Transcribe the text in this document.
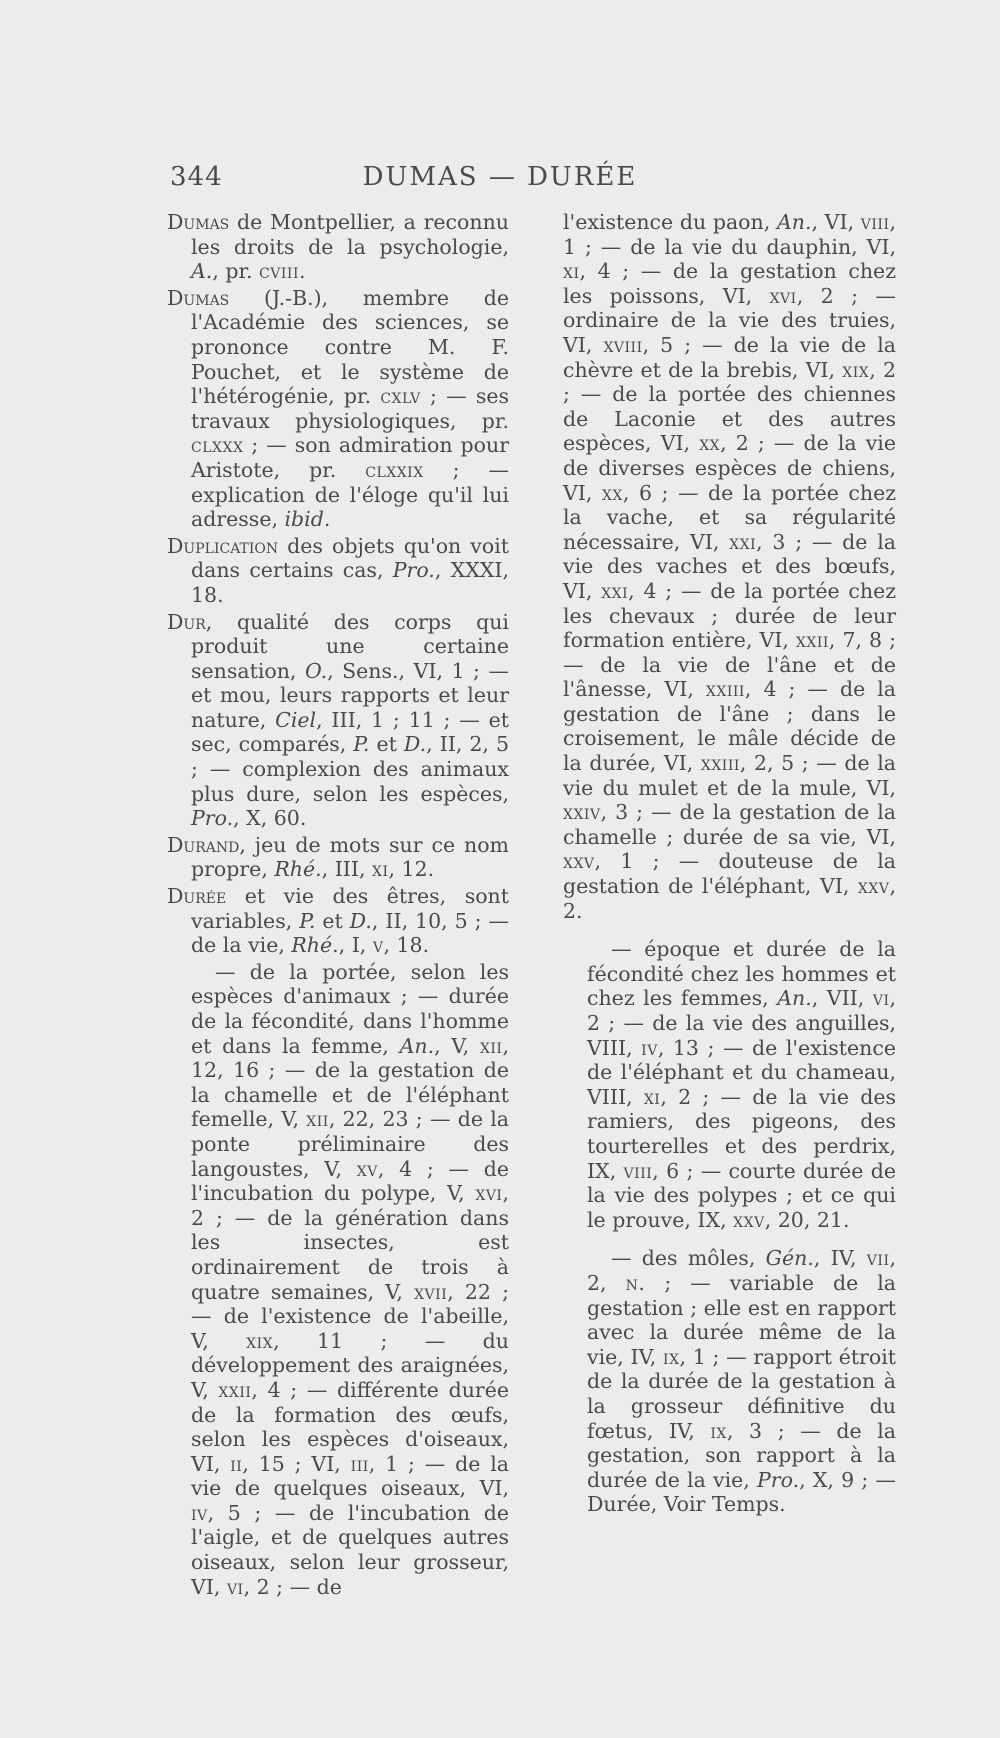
344	DUMAS — DURÉE
Dumas de Montpellier, a reconnu les droits de la psychologie, A., pr. cviii.
Dumas (J.-B.), membre de l'Académie des sciences, se prononce contre M. F. Pouchet, et le système de l'hétérogénie, pr. cxlv ; — ses travaux physiologiques, pr. clxxx ; — son admiration pour Aristote, pr. clxxix ; — explication de l'éloge qu'il lui adresse, ibid.
Duplication des objets qu'on voit dans certains cas, Pro., XXXI, 18.
Dur, qualité des corps qui produit une certaine sensation, O., Sens., VI, 1 ; — et mou, leurs rapports et leur nature, Ciel, III, 1 ; 11 ; — et sec, comparés, P. et D., II, 2, 5 ; — complexion des animaux plus dure, selon les espèces, Pro., X, 60.
Durand, jeu de mots sur ce nom propre, Rhé., III, xi, 12.
Durée et vie des êtres, sont variables, P. et D., II, 10, 5 ; — de la vie, Rhé., I, v, 18.
— de la portée, selon les espèces d'animaux ; — durée de la fécondité, dans l'homme et dans la femme, An., V, xii, 12, 16 ; — de la gestation de la chamelle et de l'éléphant femelle, V, xii, 22, 23 ; — de la ponte préliminaire des langoustes, V, xv, 4 ; — de l'incubation du polype, V, xvi, 2 ; — de la génération dans les insectes, est ordinairement de trois à quatre semaines, V, xvii, 22 ; — de l'existence de l'abeille, V, xix, 11 ; — du développement des araignées, V, xxii, 4 ; — différente durée de la formation des œufs, selon les espèces d'oiseaux, VI, ii, 15 ; VI, iii, 1 ; — de la vie de quelques oiseaux, VI, iv, 5 ; — de l'incubation de l'aigle, et de quelques autres oiseaux, selon leur grosseur, VI, vi, 2 ; — de
l'existence du paon, An., VI, viii, 1 ; — de la vie du dauphin, VI, xi, 4 ; — de la gestation chez les poissons, VI, xvi, 2 ; — ordinaire de la vie des truies, VI, xviii, 5 ; — de la vie de la chèvre et de la brebis, VI, xix, 2 ; — de la portée des chiennes de Laconie et des autres espèces, VI, xx, 2 ; — de la vie de diverses espèces de chiens, VI, xx, 6 ; — de la portée chez la vache, et sa régularité nécessaire, VI, xxi, 3 ; — de la vie des vaches et des bœufs, VI, xxi, 4 ; — de la portée chez les chevaux ; durée de leur formation entière, VI, xxii, 7, 8 ; — de la vie de l'âne et de l'ânesse, VI, xxiii, 4 ; — de la gestation de l'âne ; dans le croisement, le mâle décide de la durée, VI, xxiii, 2, 5 ; — de la vie du mulet et de la mule, VI, xxiv, 3 ; — de la gestation de la chamelle ; durée de sa vie, VI, xxv, 1 ; — douteuse de la gestation de l'éléphant, VI, xxv, 2.
— époque et durée de la fécondité chez les hommes et chez les femmes, An., VII, vi, 2 ; — de la vie des anguilles, VIII, iv, 13 ; — de l'existence de l'éléphant et du chameau, VIII, xi, 2 ; — de la vie des ramiers, des pigeons, des tourterelles et des perdrix, IX, viii, 6 ; — courte durée de la vie des polypes ; et ce qui le prouve, IX, xxv, 20, 21.
— des môles, Gén., IV, vii, 2, n. ; — variable de la gestation ; elle est en rapport avec la durée même de la vie, IV, ix, 1 ; — rapport étroit de la durée de la gestation à la grosseur définitive du fœtus, IV, ix, 3 ; — de la gestation, son rapport à la durée de la vie, Pro., X, 9 ; — Durée, Voir Temps.
